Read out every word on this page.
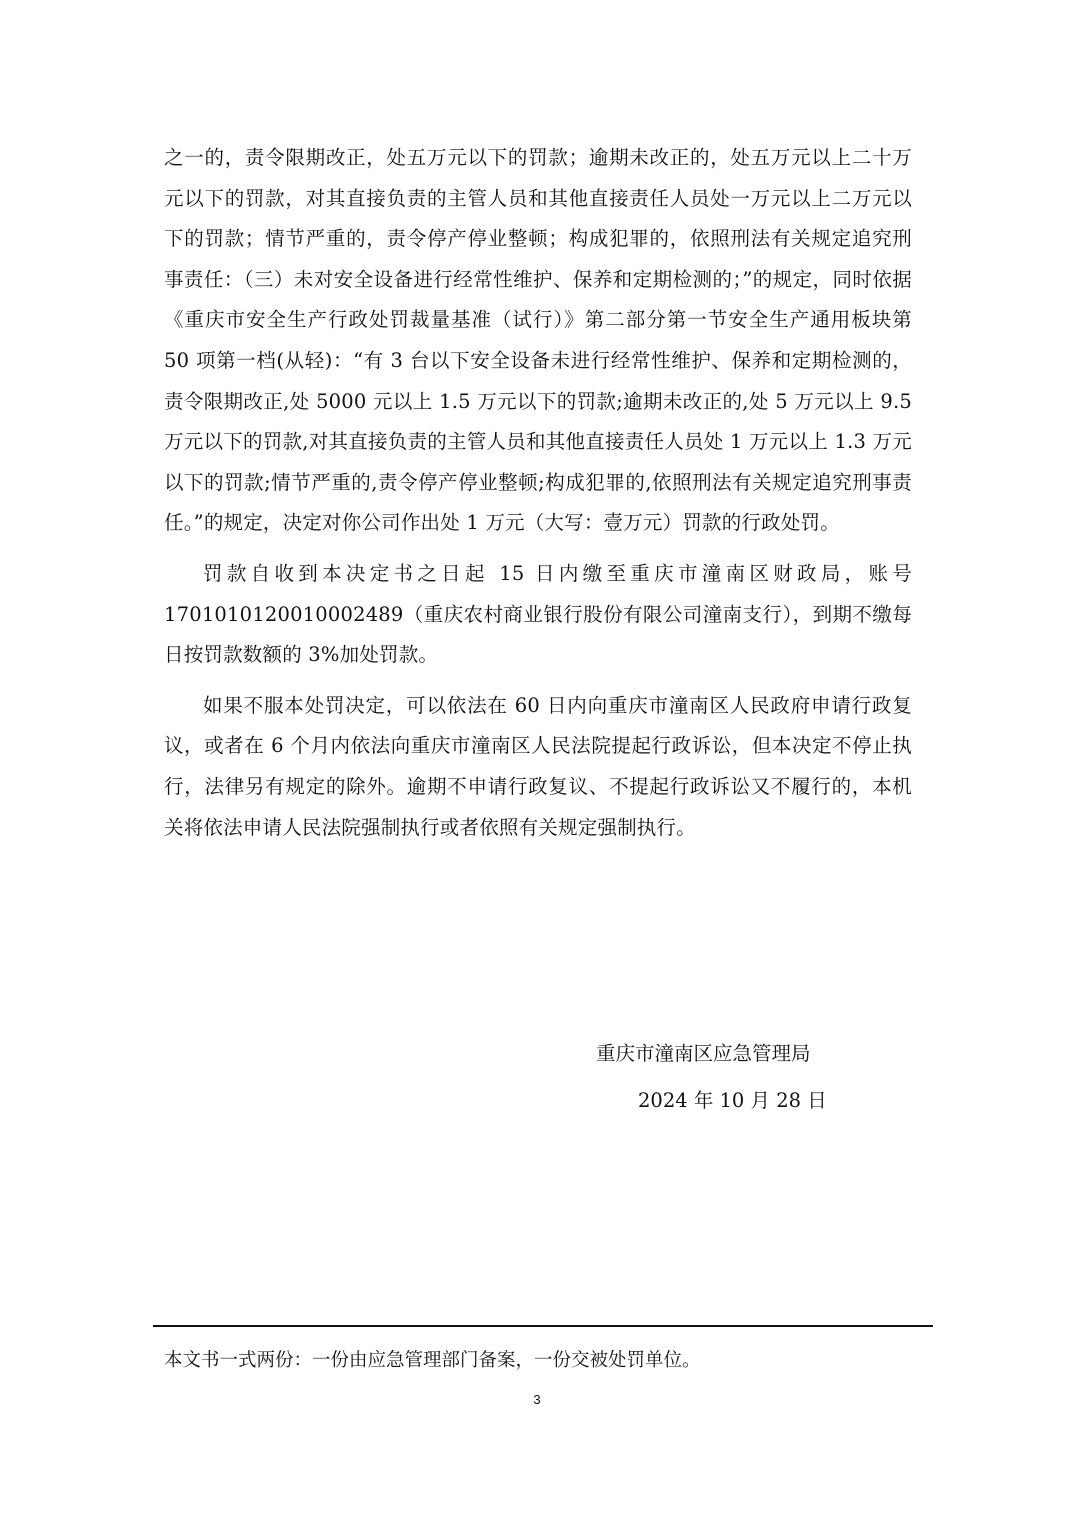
之一的，责令限期改正，处五万元以下的罚款；逾期未改正的，处五万元以上二十万元以下的罚款，对其直接负责的主管人员和其他直接责任人员处一万元以上二万元以下的罚款；情节严重的，责令停产停业整顿；构成犯罪的，依照刑法有关规定追究刑事责任：（三）未对安全设备进行经常性维护、保养和定期检测的；”的规定，同时依据《重庆市安全生产行政处罚裁量基准（试行）》第二部分第一节安全生产通用板块第 50 项第一档(从轻)：“有 3 台以下安全设备未进行经常性维护、保养和定期检测的，责令限期改正,处 5000 元以上 1.5 万元以下的罚款;逾期未改正的,处 5 万元以上 9.5 万元以下的罚款,对其直接负责的主管人员和其他直接责任人员处 1 万元以上 1.3 万元以下的罚款;情节严重的,责令停产停业整顿;构成犯罪的,依照刑法有关规定追究刑事责任。”的规定，决定对你公司作出处 1 万元（大写：壹万元）罚款的行政处罚。

罚款自收到本决定书之日起 15 日内缴至重庆市潼南区财政局，账号 1701010120010002489（重庆农村商业银行股份有限公司潼南支行），到期不缴每日按罚款数额的 3%加处罚款。

如果不服本处罚决定，可以依法在 60 日内向重庆市潼南区人民政府申请行政复议，或者在 6 个月内依法向重庆市潼南区人民法院提起行政诉讼，但本决定不停止执行，法律另有规定的除外。逾期不申请行政复议、不提起行政诉讼又不履行的，本机关将依法申请人民法院强制执行或者依照有关规定强制执行。

重庆市潼南区应急管理局
2024 年 10 月 28 日
本文书一式两份：一份由应急管理部门备案，一份交被处罚单位。
3
